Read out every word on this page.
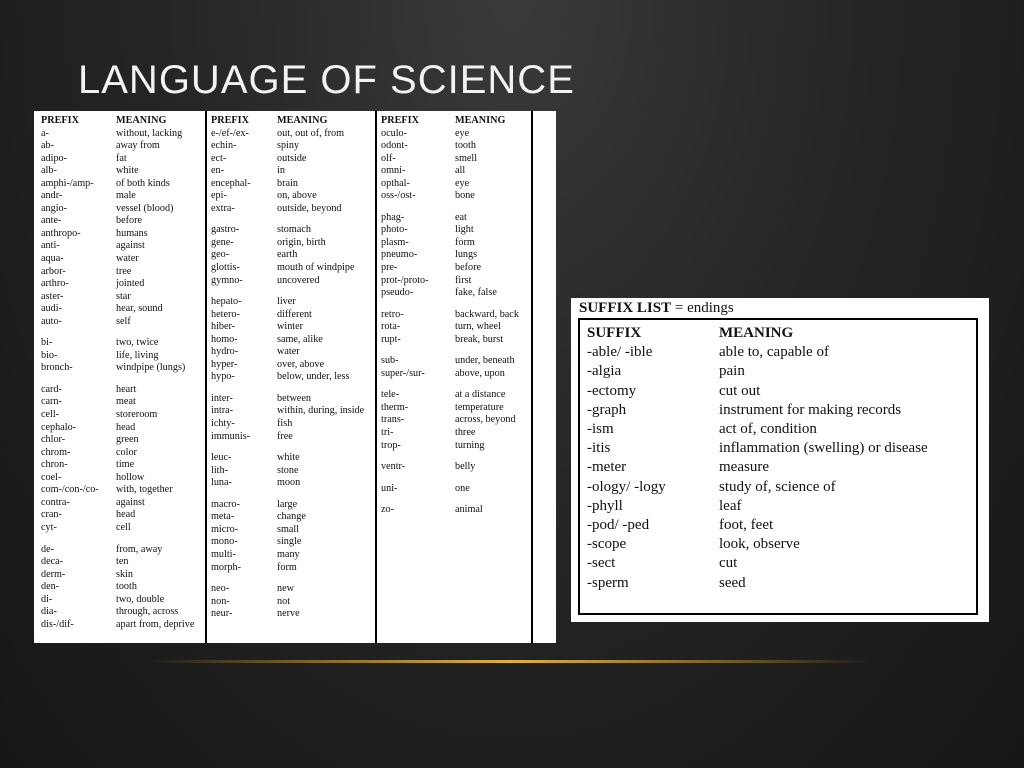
LANGUAGE OF SCIENCE
PREFIX	MEANING
a-	without, lacking
ab-	away from
adipo-	fat
alb-	white
amphi-/amp-	of both kinds
andr-	male
angio-	vessel (blood)
ante-	before
anthropo-	humans
anti-	against
aqua-	water
arbor-	tree
arthro-	jointed
aster-	star
audi-	hear, sound
auto-	self
bi-	two, twice
bio-	life, living
bronch-	windpipe (lungs)
card-	heart
carn-	meat
cell-	storeroom
cephalo-	head
chlor-	green
chrom-	color
chron-	time
coel-	hollow
com-/con-/co-	with, together
contra-	against
cran-	head
cyt-	cell
de-	from, away
deca-	ten
derm-	skin
den-	tooth
di-	two, double
dia-	through, across
dis-/dif-	apart from, deprive
PREFIX	MEANING
e-/ef-/ex-	out, out of, from
echin-	spiny
ect-	outside
en-	in
encephal-	brain
epi-	on, above
extra-	outside, beyond
gastro-	stomach
gene-	origin, birth
geo-	earth
glottis-	mouth of windpipe
gymno-	uncovered
hepato-	liver
hetero-	different
hiber-	winter
homo-	same, alike
hydro-	water
hyper-	over, above
hypo-	below, under, less
inter-	between
intra-	within, during, inside
ichty-	fish
immunis-	free
leuc-	white
lith-	stone
luna-	moon
macro-	large
meta-	change
micro-	small
mono-	single
multi-	many
morph-	form
neo-	new
non-	not
neur-	nerve
PREFIX	MEANING
oculo-	eye
odont-	tooth
olf-	smell
omni-	all
opthal-	eye
oss-/ost-	bone
phag-	eat
photo-	light
plasm-	form
pneumo-	lungs
pre-	before
prot-/proto-	first
pseudo-	fake, false
retro-	backward, back
rota-	turn, wheel
rupt-	break, burst
sub-	under, beneath
super-/sur-	above, upon
tele-	at a distance
therm-	temperature
trans-	across, beyond
tri-	three
trop-	turning
ventr-	belly
uni-	one
zo-	animal
SUFFIX LIST = endings
SUFFIX	MEANING
-able/ -ible	able to, capable of
-algia	pain
-ectomy	cut out
-graph	instrument for making records
-ism	act of, condition
-itis	inflammation (swelling) or disease
-meter	measure
-ology/ -logy	study of, science of
-phyll	leaf
-pod/ -ped	foot, feet
-scope	look, observe
-sect	cut
-sperm	seed
